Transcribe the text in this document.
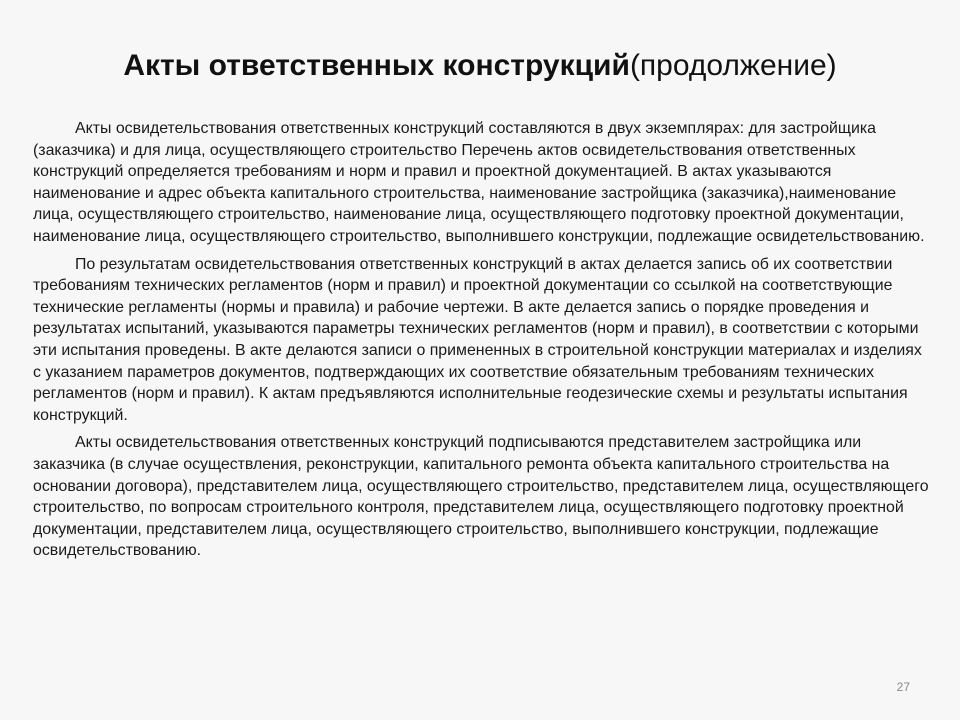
Акты ответственных конструкций(продолжение)

Акты освидетельствования ответственных конструкций составляются в двух экземплярах: для застройщика (заказчика) и для лица, осуществляющего строительство Перечень актов освидетельствования ответственных конструкций определяется требованиям и норм и правил и проектной документацией. В актах указываются наименование и адрес объекта капитального строительства, наименование застройщика (заказчика),наименование лица, осуществляющего строительство, наименование лица, осуществляющего подготовку проектной документации, наименование лица, осуществляющего строительство, выполнившего конструкции, подлежащие освидетельствованию.

По результатам освидетельствования ответственных конструкций в актах делается запись об их соответствии требованиям технических регламентов (норм и правил) и проектной документации со ссылкой на соответствующие технические регламенты (нормы и правила) и рабочие чертежи. В акте делается запись о порядке проведения и результатах испытаний, указываются параметры технических регламентов (норм и правил), в соответствии с которыми эти испытания проведены. В акте делаются записи о примененных в строительной конструкции материалах и изделиях с указанием параметров документов, подтверждающих их соответствие обязательным требованиям технических регламентов (норм и правил). К актам предъявляются исполнительные геодезические схемы и результаты испытания конструкций.

Акты освидетельствования ответственных конструкций подписываются представителем застройщика или заказчика (в случае осуществления, реконструкции, капитального ремонта объекта капитального строительства на основании договора), представителем лица, осуществляющего строительство, представителем лица, осуществляющего строительство, по вопросам строительного контроля, представителем лица, осуществляющего подготовку проектной документации, представителем лица, осуществляющего строительство, выполнившего конструкции, подлежащие освидетельствованию.

27
